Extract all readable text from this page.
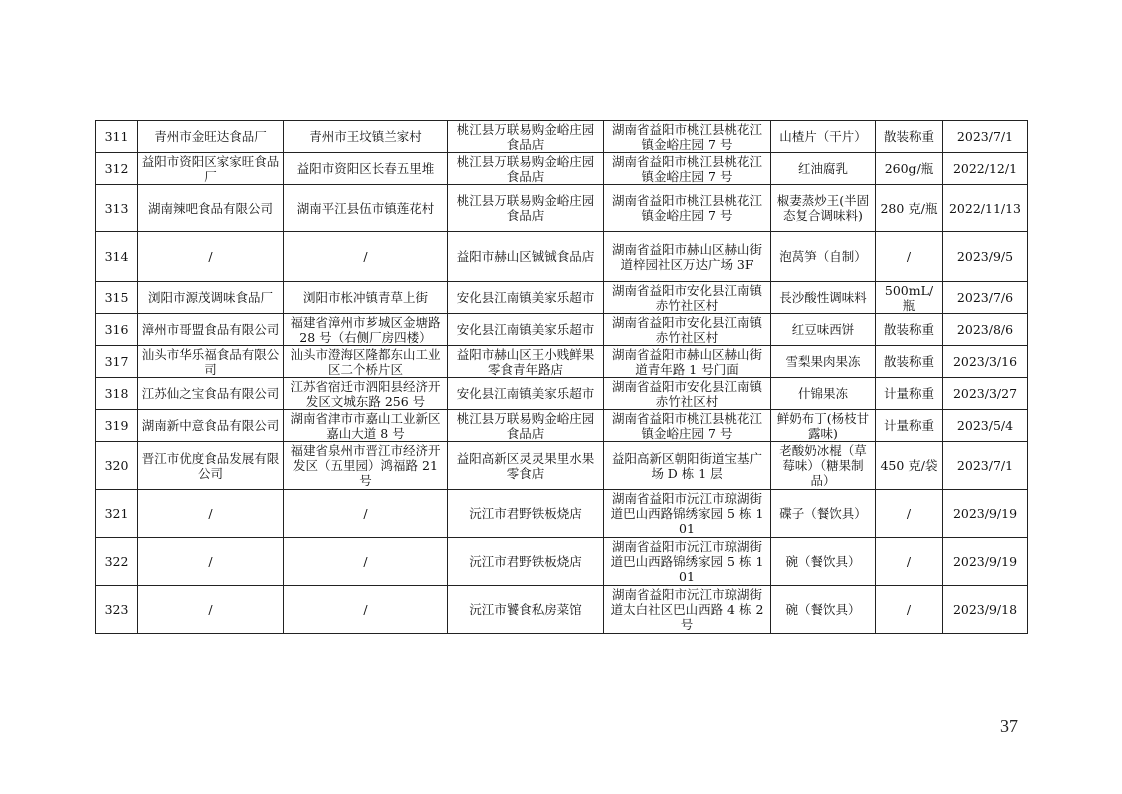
311	青州市金旺达食品厂	青州市王坟镇兰家村	桃江县万联易购金峪庄园食品店	湖南省益阳市桃江县桃花江镇金峪庄园 7 号	山楂片（干片）	散装称重	2023/7/1
312	益阳市资阳区家家旺食品厂	益阳市资阳区长春五里堆	桃江县万联易购金峪庄园食品店	湖南省益阳市桃江县桃花江镇金峪庄园 7 号	红油腐乳	260g/瓶	2022/12/1
313	湖南辣吧食品有限公司	湖南平江县伍市镇莲花村	桃江县万联易购金峪庄园食品店	湖南省益阳市桃江县桃花江镇金峪庄园 7 号	椒妻蒸炒王(半固态复合调味料)	280 克/瓶	2022/11/13
314	/	/	益阳市赫山区铖铖食品店	湖南省益阳市赫山区赫山街道梓园社区万达广场 3F	泡莴笋（自制）	/	2023/9/5
315	浏阳市源茂调味食品厂	浏阳市枨冲镇青草上街	安化县江南镇美家乐超市	湖南省益阳市安化县江南镇赤竹社区村	長沙酸性调味料	500mL/瓶	2023/7/6
316	漳州市哥盟食品有限公司	福建省漳州市芗城区金塘路 28 号（右侧厂房四楼）	安化县江南镇美家乐超市	湖南省益阳市安化县江南镇赤竹社区村	红豆味西饼	散装称重	2023/8/6
317	汕头市华乐福食品有限公司	汕头市澄海区隆都东山工业区二个桥片区	益阳市赫山区王小贱鲜果零食青年路店	湖南省益阳市赫山区赫山街道青年路 1 号门面	雪梨果肉果冻	散装称重	2023/3/16
318	江苏仙之宝食品有限公司	江苏省宿迁市泗阳县经济开发区文城东路 256 号	安化县江南镇美家乐超市	湖南省益阳市安化县江南镇赤竹社区村	什锦果冻	计量称重	2023/3/27
319	湖南新中意食品有限公司	湖南省津市市嘉山工业新区嘉山大道 8 号	桃江县万联易购金峪庄园食品店	湖南省益阳市桃江县桃花江镇金峪庄园 7 号	鲜奶布丁(杨枝甘露味)	计量称重	2023/5/4
320	晋江市优度食品发展有限公司	福建省泉州市晋江市经济开发区（五里园）鸿福路 21 号	益阳高新区灵灵果里水果零食店	益阳高新区朝阳街道宝基广场 D 栋 1 层	老酸奶冰棍（草莓味）（糖果制品）	450 克/袋	2023/7/1
321	/	/	沅江市君野铁板烧店	湖南省益阳市沅江市琼湖街道巴山西路锦绣家园 5 栋 101	碟子（餐饮具）	/	2023/9/19
322	/	/	沅江市君野铁板烧店	湖南省益阳市沅江市琼湖街道巴山西路锦绣家园 5 栋 101	碗（餐饮具）	/	2023/9/19
323	/	/	沅江市饕食私房菜馆	湖南省益阳市沅江市琼湖街道太白社区巴山西路 4 栋 2 号	碗（餐饮具）	/	2023/9/18
37
